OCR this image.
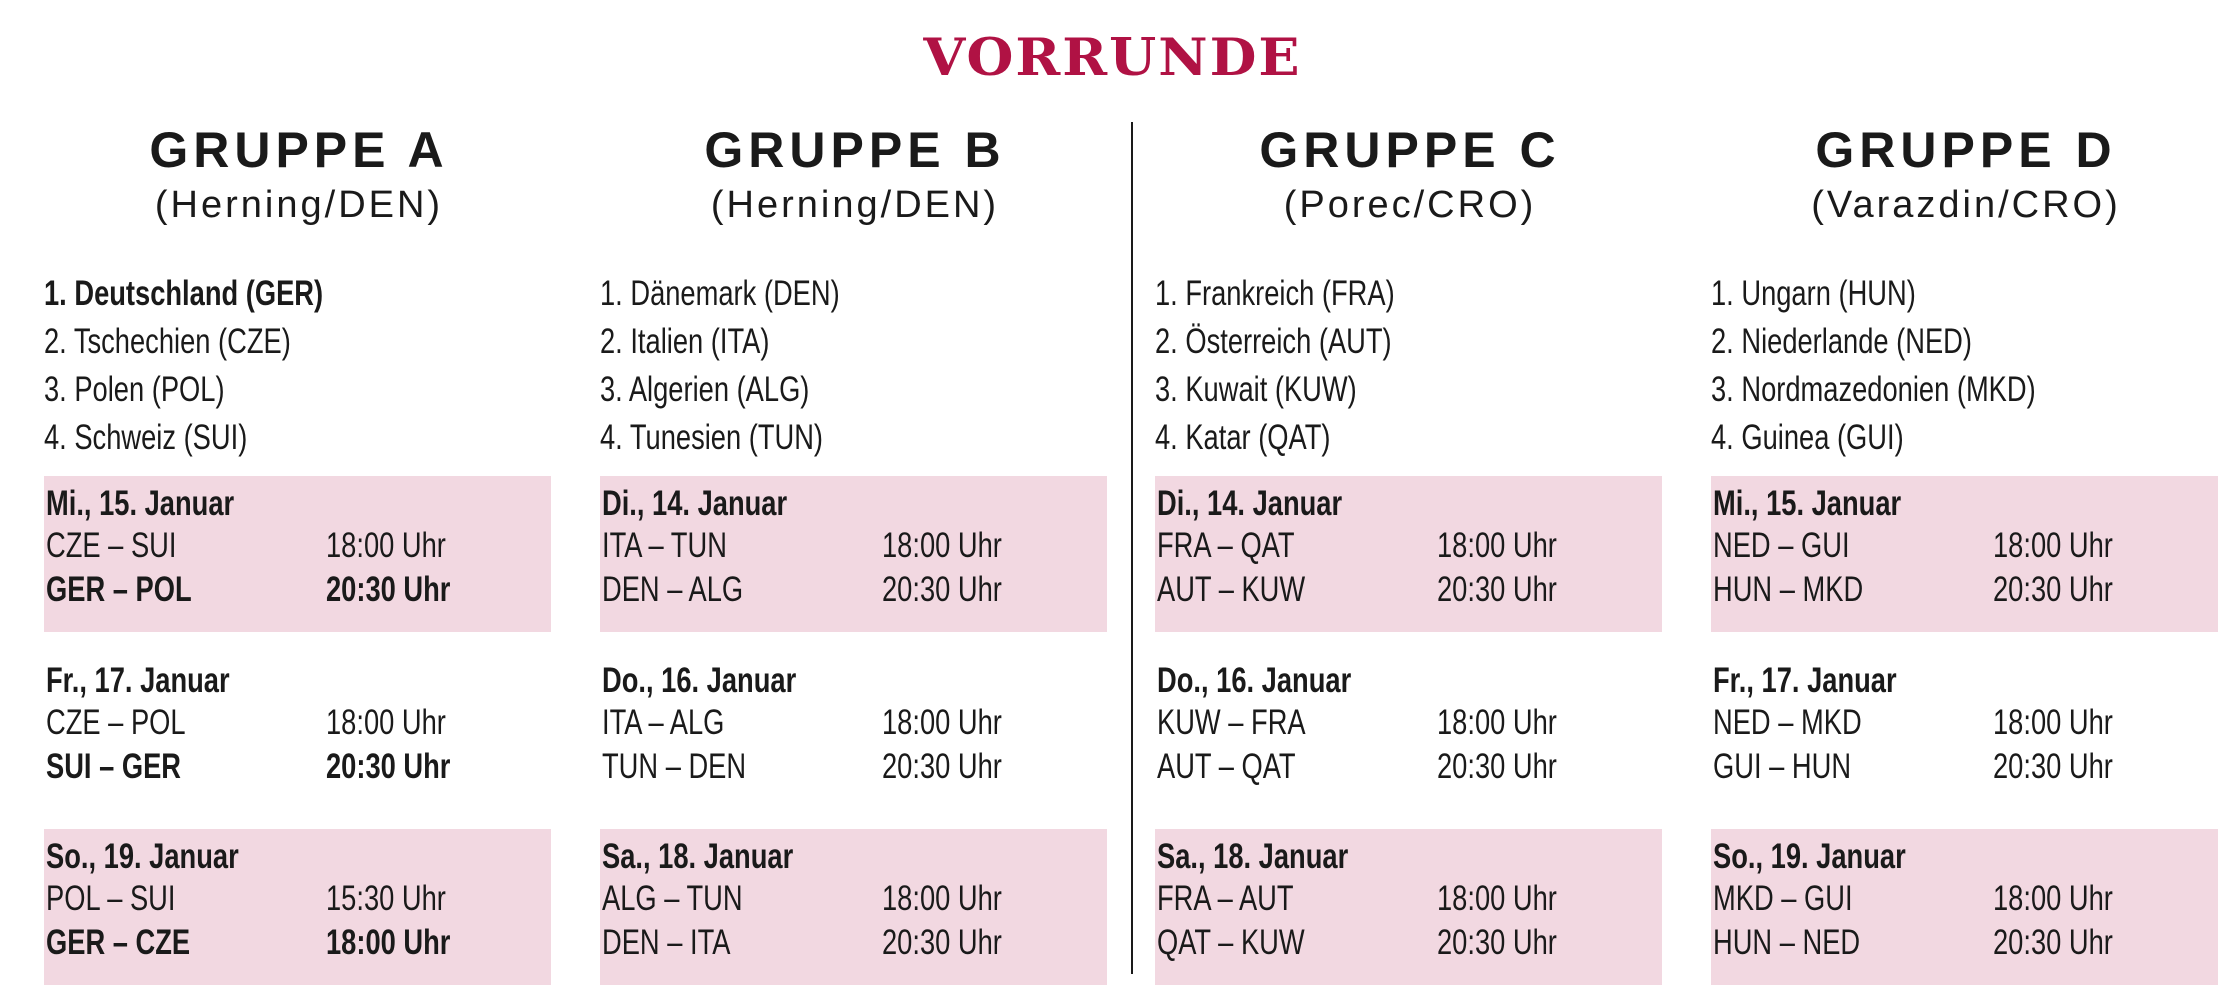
VORRUNDE
GRUPPE A
(Herning/DEN)
1. Deutschland (GER)
2. Tschechien (CZE)
3. Polen (POL)
4. Schweiz (SUI)
Mi., 15. Januar
CZE – SUI	18:00 Uhr
GER – POL	20:30 Uhr
Fr., 17. Januar
CZE – POL	18:00 Uhr
SUI – GER	20:30 Uhr
So., 19. Januar
POL – SUI	15:30 Uhr
GER – CZE	18:00 Uhr
GRUPPE B
(Herning/DEN)
1. Dänemark (DEN)
2. Italien (ITA)
3. Algerien (ALG)
4. Tunesien (TUN)
Di., 14. Januar
ITA – TUN	18:00 Uhr
DEN – ALG	20:30 Uhr
Do., 16. Januar
ITA – ALG	18:00 Uhr
TUN – DEN	20:30 Uhr
Sa., 18. Januar
ALG – TUN	18:00 Uhr
DEN – ITA	20:30 Uhr
GRUPPE C
(Porec/CRO)
1. Frankreich (FRA)
2. Österreich (AUT)
3. Kuwait (KUW)
4. Katar (QAT)
Di., 14. Januar
FRA – QAT	18:00 Uhr
AUT – KUW	20:30 Uhr
Do., 16. Januar
KUW – FRA	18:00 Uhr
AUT – QAT	20:30 Uhr
Sa., 18. Januar
FRA – AUT	18:00 Uhr
QAT – KUW	20:30 Uhr
GRUPPE D
(Varazdin/CRO)
1. Ungarn (HUN)
2. Niederlande (NED)
3. Nordmazedonien (MKD)
4. Guinea (GUI)
Mi., 15. Januar
NED – GUI	18:00 Uhr
HUN – MKD	20:30 Uhr
Fr., 17. Januar
NED – MKD	18:00 Uhr
GUI – HUN	20:30 Uhr
So., 19. Januar
MKD – GUI	18:00 Uhr
HUN – NED	20:30 Uhr
